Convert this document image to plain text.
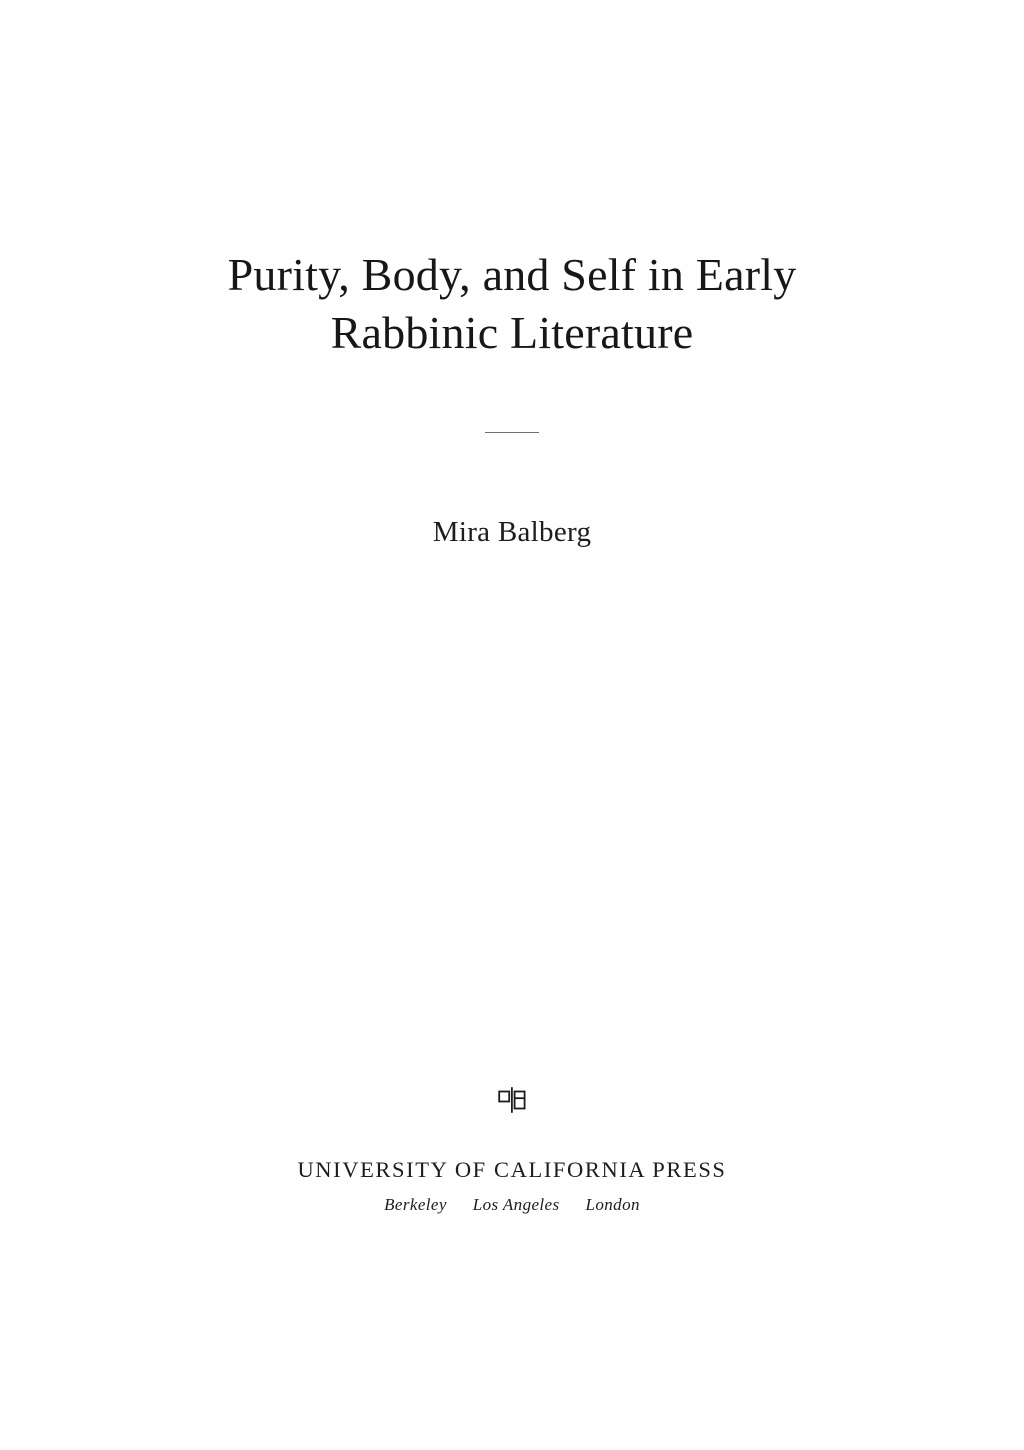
Purity, Body, and Self in Early
Rabbinic Literature

Mira Balberg

UNIVERSITY OF CALIFORNIA PRESS

Berkeley Los Angeles London
